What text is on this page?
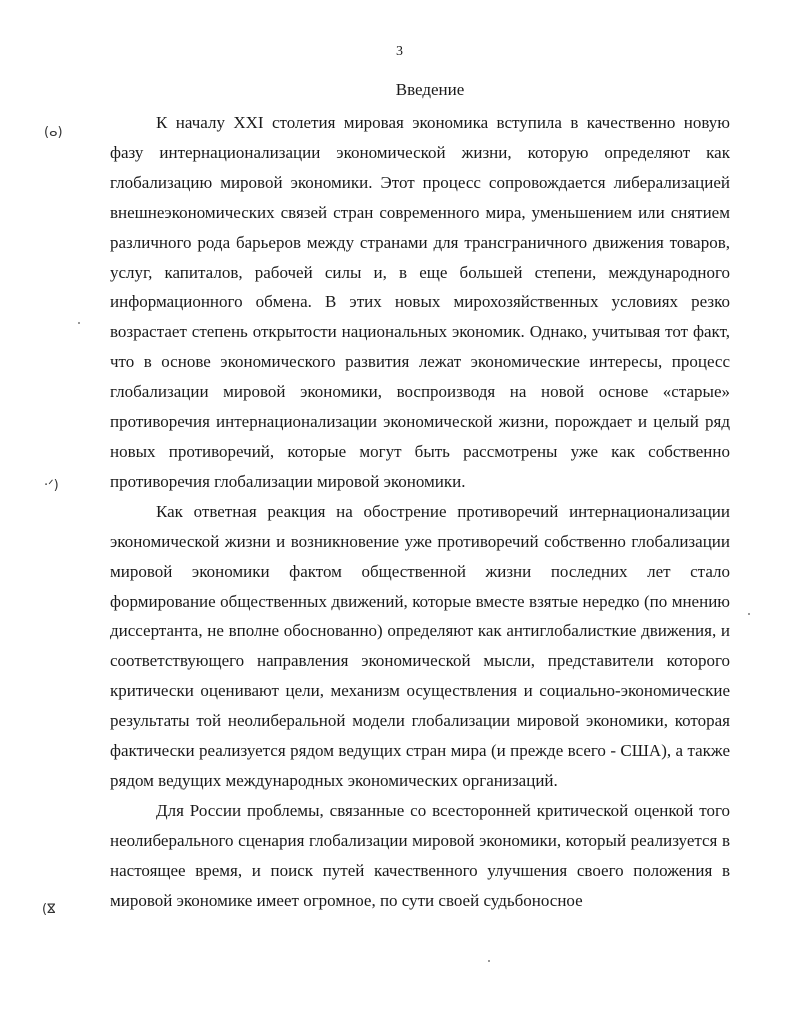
3
Введение

К началу XXI столетия мировая экономика вступила в качественно новую фазу интернационализации экономической жизни, которую определяют как глобализацию мировой экономики. Этот процесс сопровождается либерализацией внешнеэкономических связей стран современного мира, уменьшением или снятием различного рода барьеров между странами для трансграничного движения товаров, услуг, капиталов, рабочей силы и, в еще большей степени, международного информационного обмена. В этих новых мирохозяйственных условиях резко возрастает степень открытости национальных экономик. Однако, учитывая тот факт, что в основе экономического развития лежат экономические интересы, процесс глобализации мировой экономики, воспроизводя на новой основе «старые» противоречия интернационализации экономической жизни, порождает и целый ряд новых противоречий, которые могут быть рассмотрены уже как собственно противоречия глобализации мировой экономики.

Как ответная реакция на обострение противоречий интернационализации экономической жизни и возникновение уже противоречий собственно глобализации мировой экономики фактом общественной жизни последних лет стало формирование общественных движений, которые вместе взятые нередко (по мнению диссертанта, не вполне обоснованно) определяют как антиглобалисткие движения, и соответствующего направления экономической мысли, представители которого критически оценивают цели, механизм осуществления и социально-экономические результаты той неолиберальной модели глобализации мировой экономики, которая фактически реализуется рядом ведущих стран мира (и прежде всего - США), а также рядом ведущих международных экономических организаций.

Для России проблемы, связанные со всесторонней критической оценкой того неолиберального сценария глобализации мировой экономики, который реализуется в настоящее время, и поиск путей качественного улучшения своего положения в мировой экономике имеет огромное, по сути своей судьбоносное

(ⴰ)
·ᐟ)
(ⴵ
